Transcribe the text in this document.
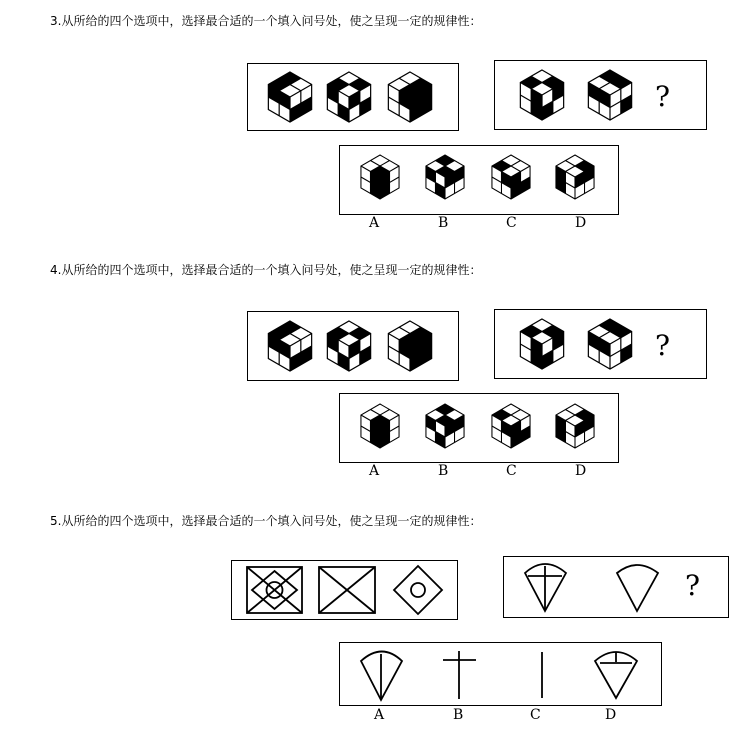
3.从所给的四个选项中，选择最合适的一个填入问号处，使之呈现一定的规律性：
?
A	B	C	D
4.从所给的四个选项中，选择最合适的一个填入问号处，使之呈现一定的规律性：
?
A	B	C	D
5.从所给的四个选项中，选择最合适的一个填入问号处，使之呈现一定的规律性：
?
A	B	C	D
